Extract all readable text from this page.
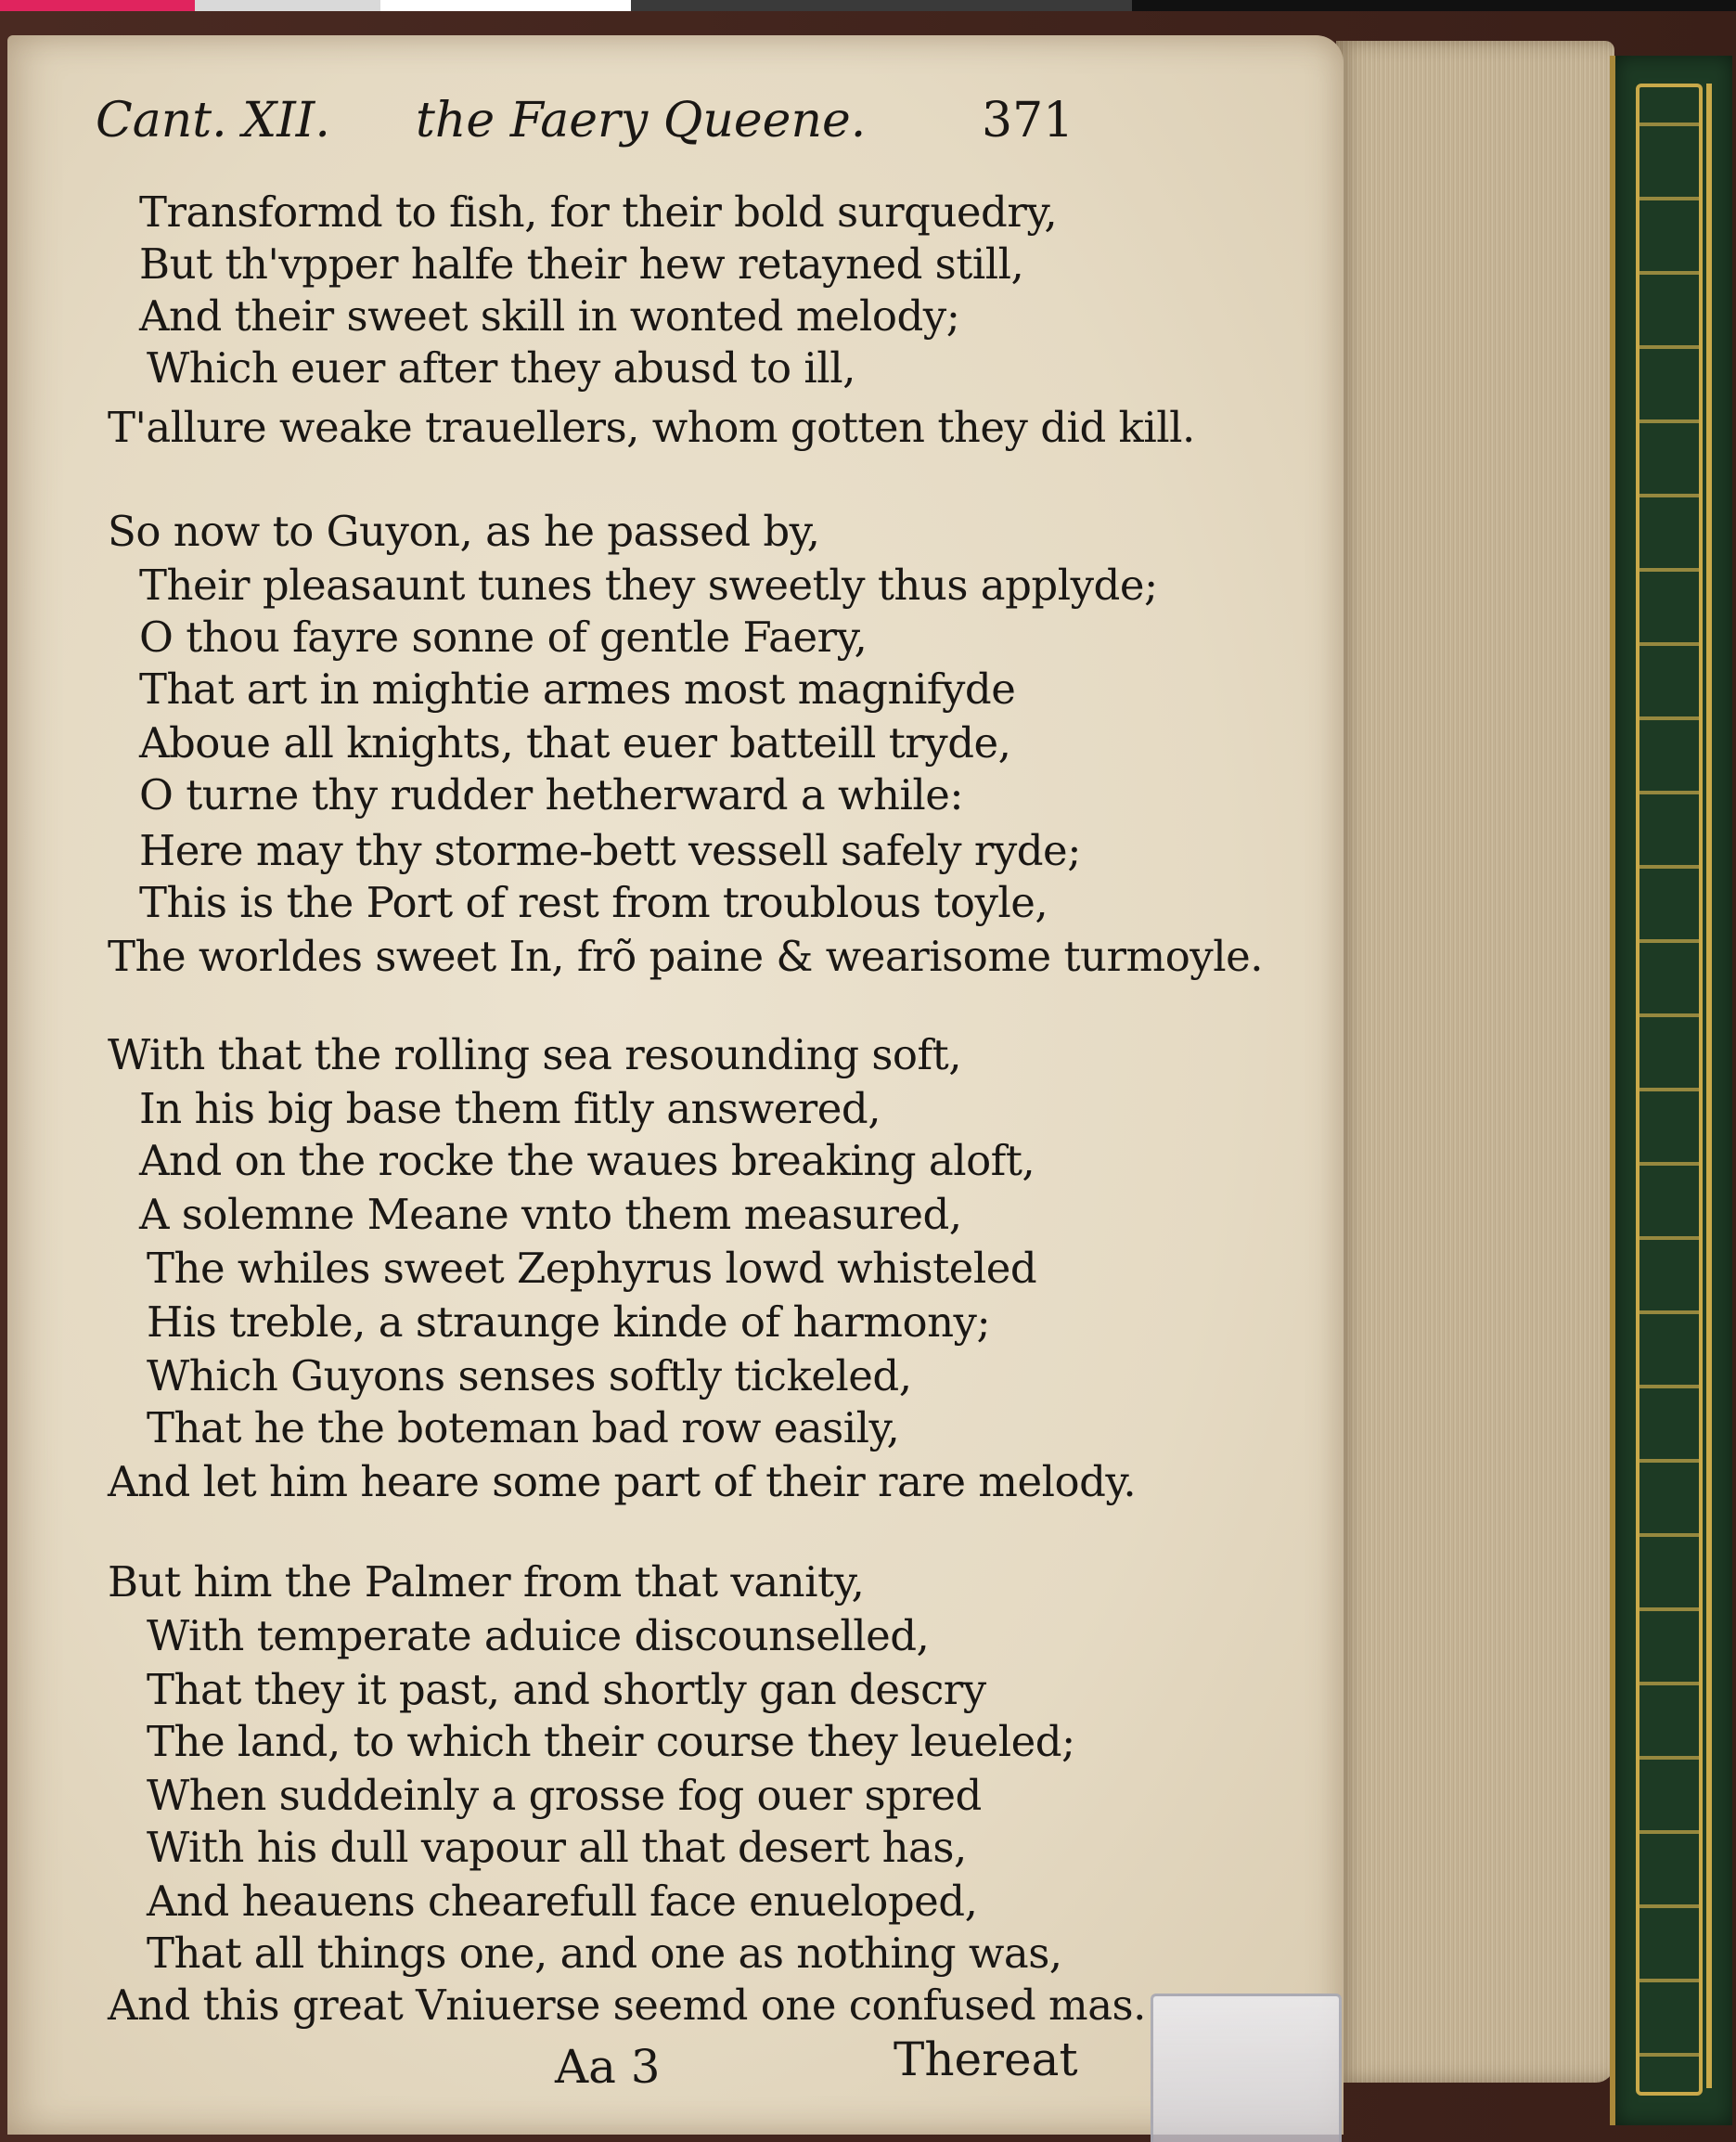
Cant. XII. the Faery Queene. 371
Transformd to fish, for their bold surquedry,
But th'vpper halfe their hew retayned still,
And their sweet skill in wonted melody;
Which euer after they abusd to ill,
T'allure weake trauellers, whom gotten they did kill.
So now to Guyon, as he passed by,
Their pleasaunt tunes they sweetly thus applyde;
O thou fayre sonne of gentle Faery,
That art in mightie armes most magnifyde
Aboue all knights, that euer batteill tryde,
O turne thy rudder hetherward a while:
Here may thy storme-bett vessell safely ryde;
This is the Port of rest from troublous toyle,
The worldes sweet In, frõ paine & wearisome turmoyle.
With that the rolling sea resounding soft,
In his big base them fitly answered,
And on the rocke the waues breaking aloft,
A solemne Meane vnto them measured,
The whiles sweet Zephyrus lowd whisteled
His treble, a straunge kinde of harmony;
Which Guyons senses softly tickeled,
That he the boteman bad row easily,
And let him heare some part of their rare melody.
But him the Palmer from that vanity,
With temperate aduice discounselled,
That they it past, and shortly gan descry
The land, to which their course they leueled;
When suddeinly a grosse fog ouer spred
With his dull vapour all that desert has,
And heauens chearefull face enueloped,
That all things one, and one as nothing was,
And this great Vniuerse seemd one confused mas.
Aa 3	Thereat
